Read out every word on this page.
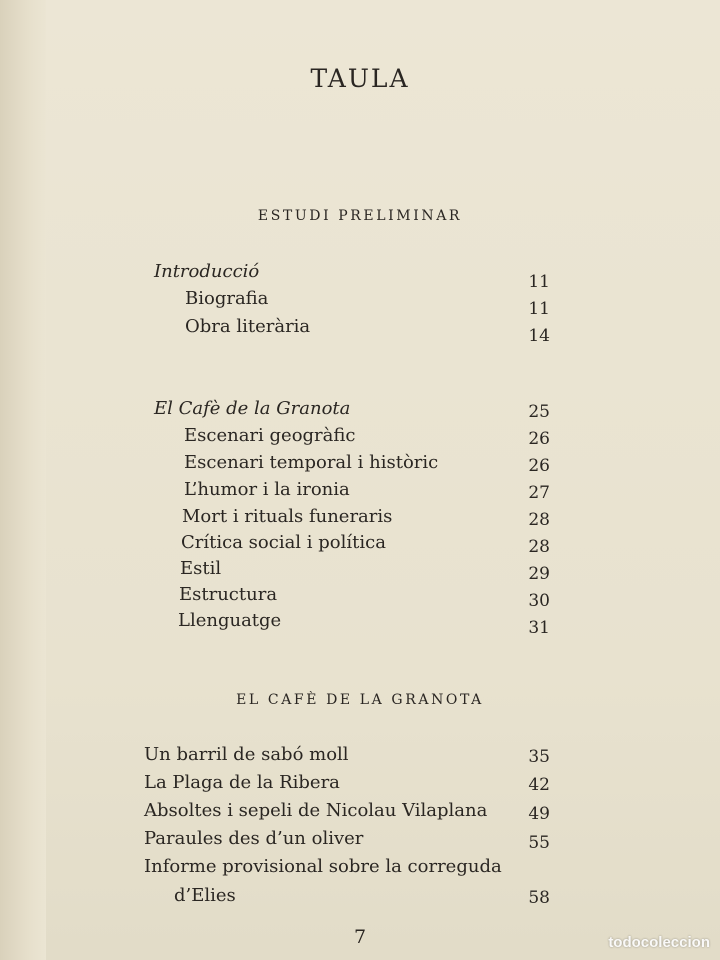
TAULA
ESTUDI PRELIMINAR
Introducció	11
Biografia	11
Obra literària	14
El Cafè de la Granota	25
Escenari geogràfic	26
Escenari temporal i històric	26
L’humor i la ironia	27
Mort i rituals funeraris	28
Crítica social i política	28
Estil	29
Estructura	30
Llenguatge	31
EL CAFÈ DE LA GRANOTA
Un barril de sabó moll	35
La Plaga de la Ribera	42
Absoltes i sepeli de Nicolau Vilaplana	49
Paraules des d’un oliver	55
Informe provisional sobre la correguda
d’Elies	58
7	todocoleccion
